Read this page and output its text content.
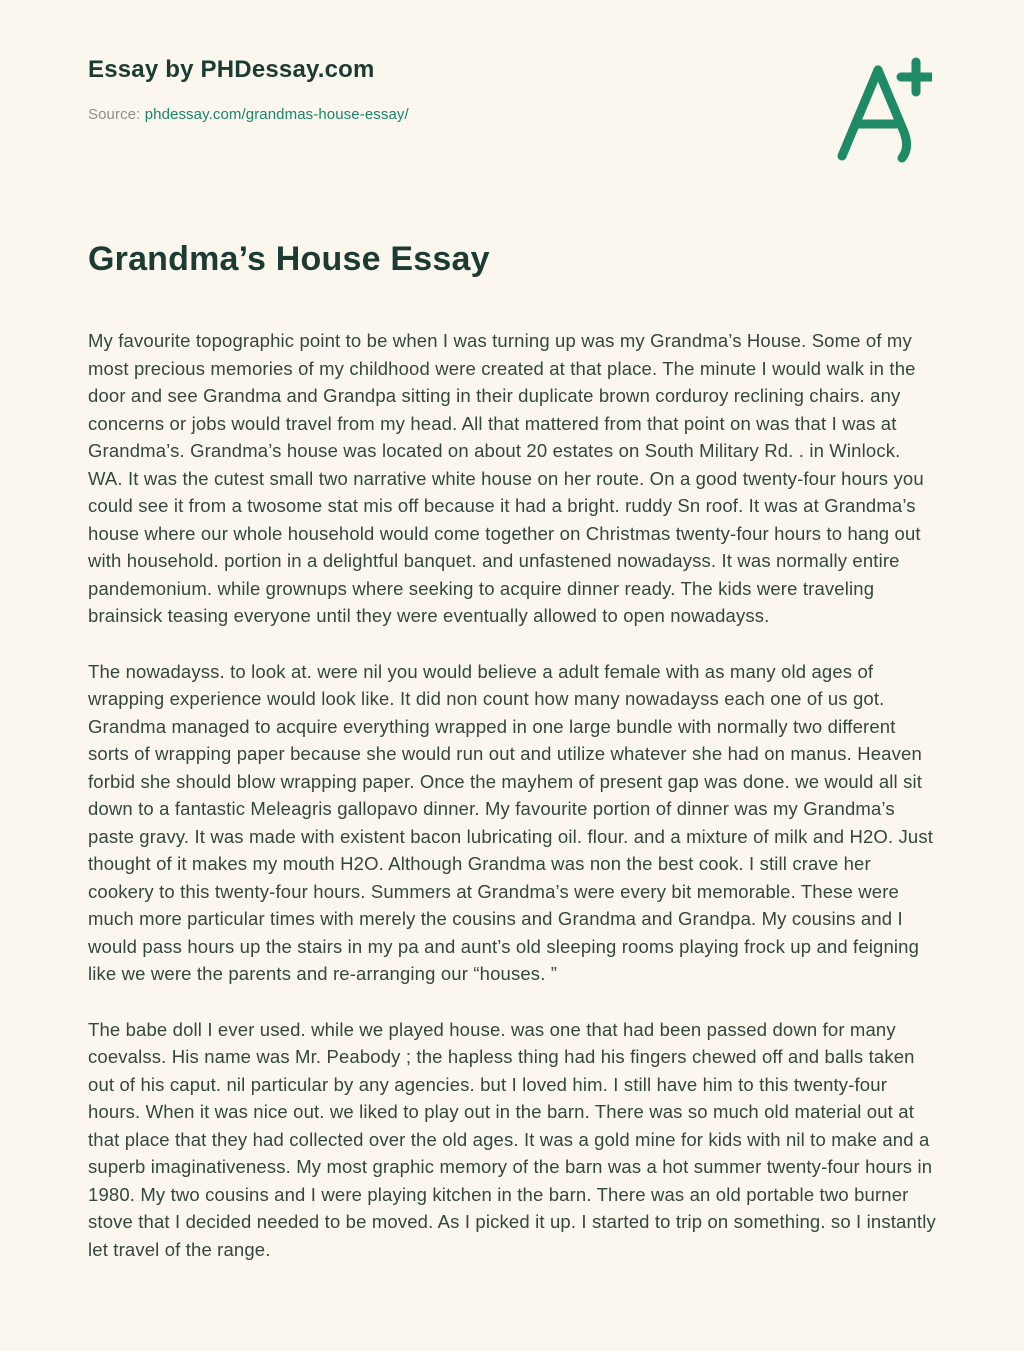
Essay by PHDessay.com
Source: phdessay.com/grandmas-house-essay/
Grandma’s House Essay

My favourite topographic point to be when I was turning up was my Grandma’s House. Some of my most precious memories of my childhood were created at that place. The minute I would walk in the door and see Grandma and Grandpa sitting in their duplicate brown corduroy reclining chairs. any concerns or jobs would travel from my head. All that mattered from that point on was that I was at Grandma’s. Grandma’s house was located on about 20 estates on South Military Rd. . in Winlock. WA. It was the cutest small two narrative white house on her route. On a good twenty-four hours you could see it from a twosome stat mis off because it had a bright. ruddy Sn roof. It was at Grandma’s house where our whole household would come together on Christmas twenty-four hours to hang out with household. portion in a delightful banquet. and unfastened nowadayss. It was normally entire pandemonium. while grownups where seeking to acquire dinner ready. The kids were traveling brainsick teasing everyone until they were eventually allowed to open nowadayss.

The nowadayss. to look at. were nil you would believe a adult female with as many old ages of wrapping experience would look like. It did non count how many nowadayss each one of us got. Grandma managed to acquire everything wrapped in one large bundle with normally two different sorts of wrapping paper because she would run out and utilize whatever she had on manus. Heaven forbid she should blow wrapping paper. Once the mayhem of present gap was done. we would all sit down to a fantastic Meleagris gallopavo dinner. My favourite portion of dinner was my Grandma’s paste gravy. It was made with existent bacon lubricating oil. flour. and a mixture of milk and H2O. Just thought of it makes my mouth H2O. Although Grandma was non the best cook. I still crave her cookery to this twenty-four hours. Summers at Grandma’s were every bit memorable. These were much more particular times with merely the cousins and Grandma and Grandpa. My cousins and I would pass hours up the stairs in my pa and aunt’s old sleeping rooms playing frock up and feigning like we were the parents and re-arranging our “houses. ”

The babe doll I ever used. while we played house. was one that had been passed down for many coevalss. His name was Mr. Peabody ; the hapless thing had his fingers chewed off and balls taken out of his caput. nil particular by any agencies. but I loved him. I still have him to this twenty-four hours. When it was nice out. we liked to play out in the barn. There was so much old material out at that place that they had collected over the old ages. It was a gold mine for kids with nil to make and a superb imaginativeness. My most graphic memory of the barn was a hot summer twenty-four hours in 1980. My two cousins and I were playing kitchen in the barn. There was an old portable two burner stove that I decided needed to be moved. As I picked it up. I started to trip on something. so I instantly let travel of the range.
